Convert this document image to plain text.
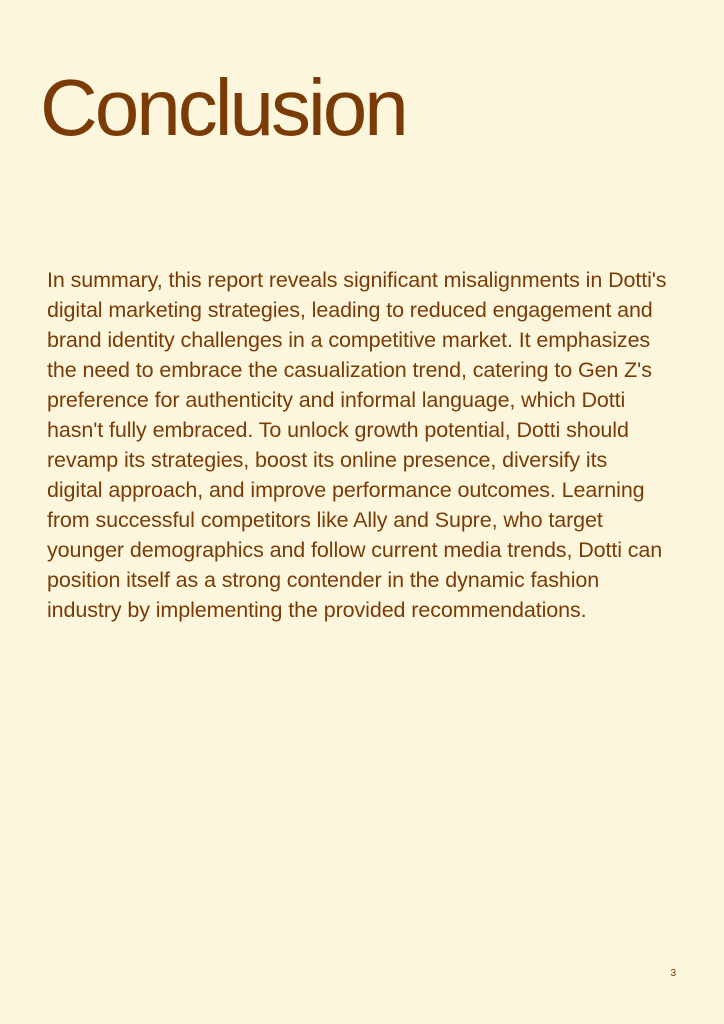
Conclusion

In summary, this report reveals significant misalignments in Dotti's digital marketing strategies, leading to reduced engagement and brand identity challenges in a competitive market. It emphasizes the need to embrace the casualization trend, catering to Gen Z's preference for authenticity and informal language, which Dotti hasn't fully embraced. To unlock growth potential, Dotti should revamp its strategies, boost its online presence, diversify its digital approach, and improve performance outcomes. Learning from successful competitors like Ally and Supre, who target younger demographics and follow current media trends, Dotti can position itself as a strong contender in the dynamic fashion industry by implementing the provided recommendations.

3
